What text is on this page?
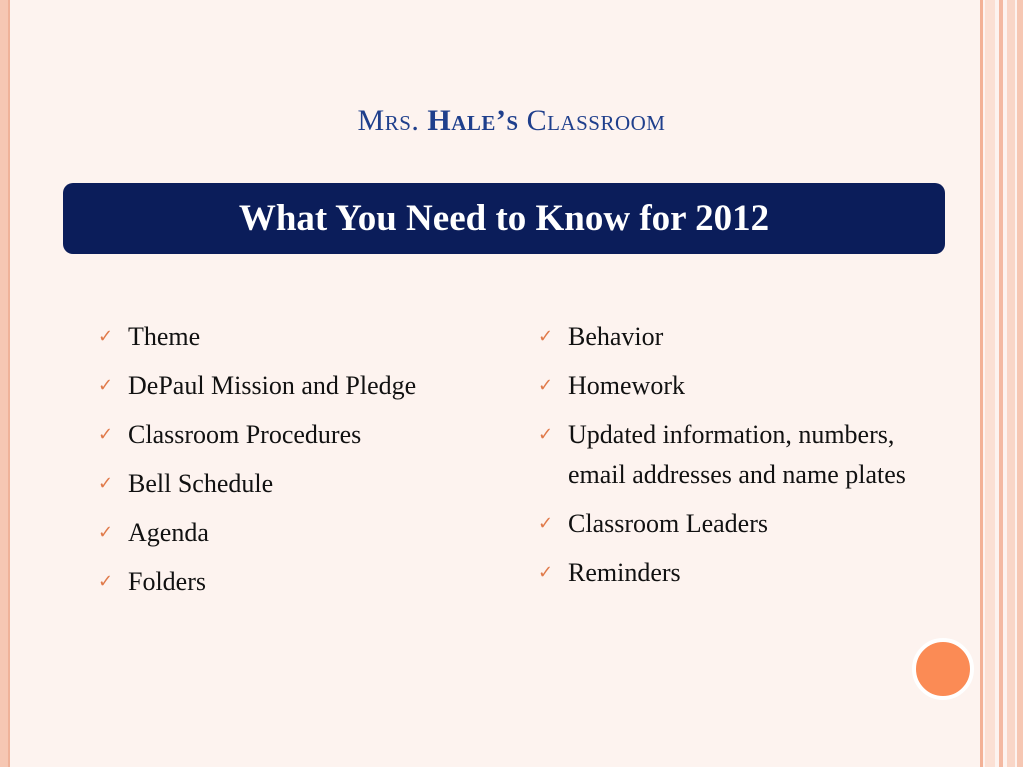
Mrs. Hale’s Classroom
What You Need to Know for 2012
✓ Theme
✓ DePaul Mission and Pledge
✓ Classroom Procedures
✓ Bell Schedule
✓ Agenda
✓ Folders
✓ Behavior
✓ Homework
✓ Updated information, numbers, email addresses and name plates
✓ Classroom Leaders
✓ Reminders
